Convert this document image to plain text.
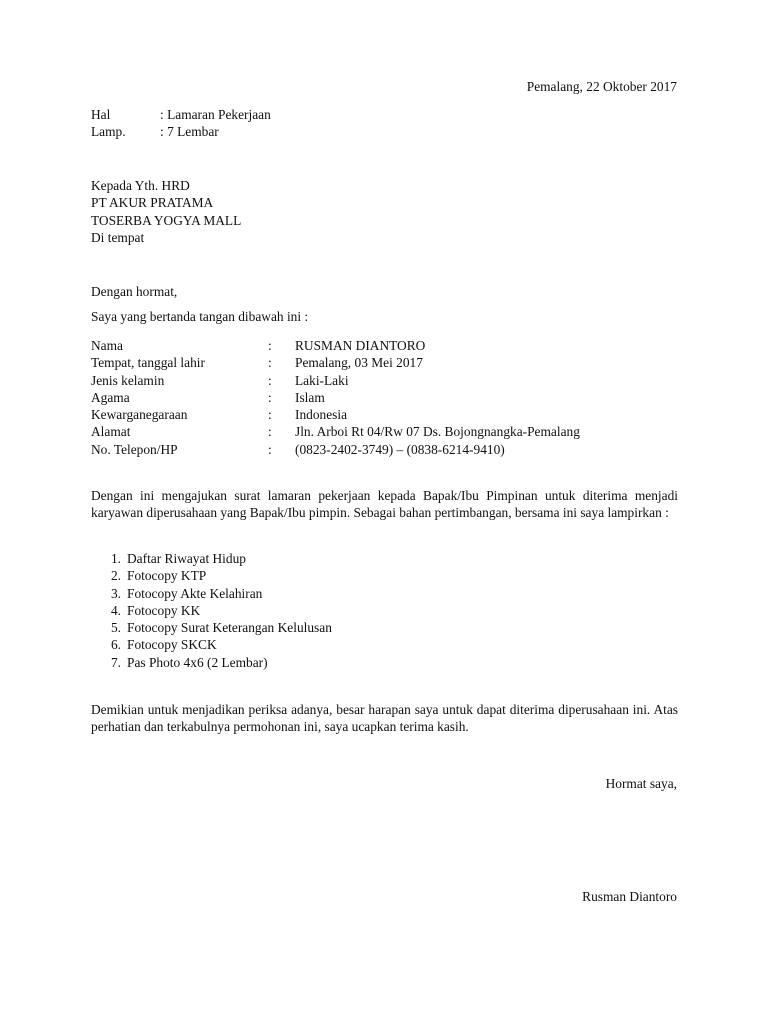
Pemalang, 22 Oktober 2017
Hal	: Lamaran Pekerjaan
Lamp.	: 7 Lembar
Kepada Yth. HRD
PT AKUR PRATAMA
TOSERBA YOGYA MALL
Di tempat
Dengan hormat,
Saya yang bertanda tangan dibawah ini :
Nama	:	RUSMAN DIANTORO
Tempat, tanggal lahir	:	Pemalang, 03 Mei 2017
Jenis kelamin	:	Laki-Laki
Agama	:	Islam
Kewarganegaraan	:	Indonesia
Alamat	:	Jln. Arboi Rt 04/Rw 07 Ds. Bojongnangka-Pemalang
No. Telepon/HP	:	(0823-2402-3749) – (0838-6214-9410)
Dengan ini mengajukan surat lamaran pekerjaan kepada Bapak/Ibu Pimpinan untuk diterima menjadi karyawan diperusahaan yang Bapak/Ibu pimpin. Sebagai bahan pertimbangan, bersama ini saya lampirkan :
1. Daftar Riwayat Hidup
2. Fotocopy KTP
3. Fotocopy Akte Kelahiran
4. Fotocopy KK
5. Fotocopy Surat Keterangan Kelulusan
6. Fotocopy SKCK
7. Pas Photo 4x6 (2 Lembar)
Demikian untuk menjadikan periksa adanya, besar harapan saya untuk dapat diterima diperusahaan ini. Atas perhatian dan terkabulnya permohonan ini, saya ucapkan terima kasih.
Hormat saya,
Rusman Diantoro
